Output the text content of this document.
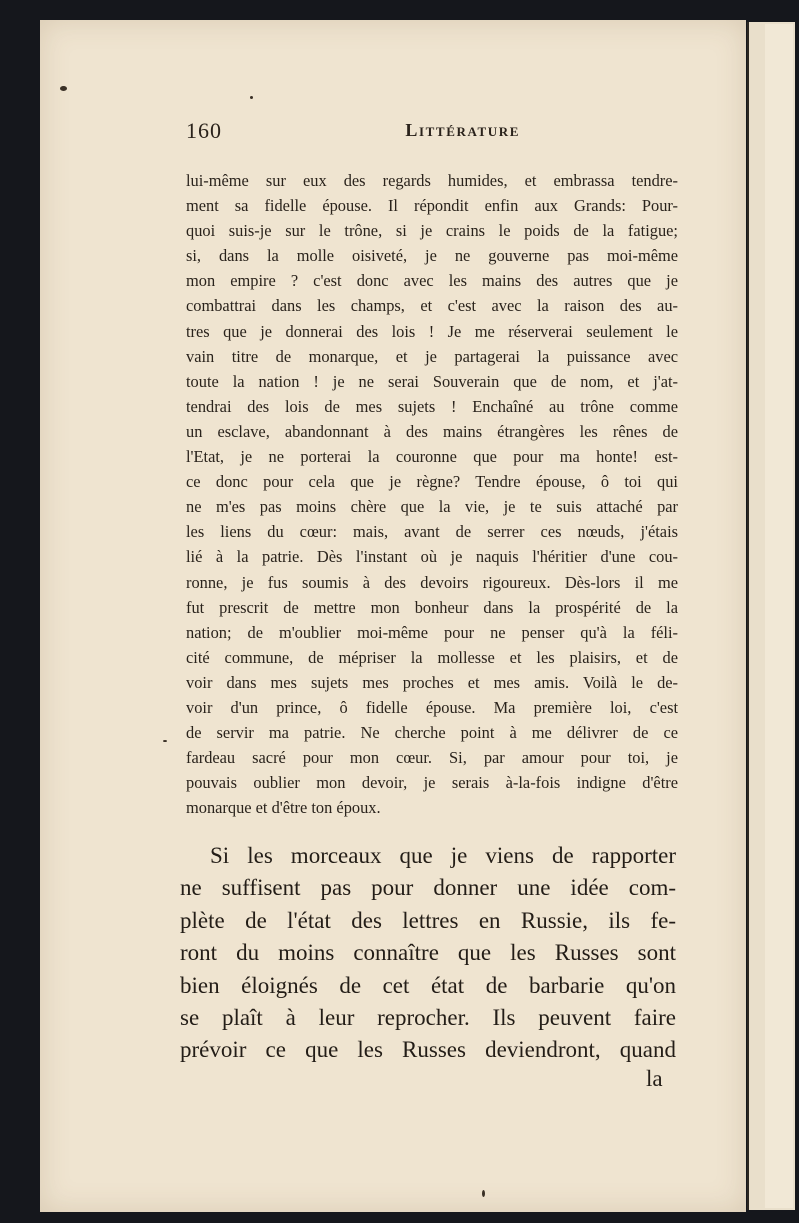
160	Littérature
lui-même sur eux des regards humides, et embrassa tendre-
ment sa fidelle épouse. Il répondit enfin aux Grands: Pour-
quoi suis-je sur le trône, si je crains le poids de la fatigue;
si, dans la molle oisiveté, je ne gouverne pas moi-même
mon empire ? c'est donc avec les mains des autres que je
combattrai dans les champs, et c'est avec la raison des au-
tres que je donnerai des lois ! Je me réserverai seulement le
vain titre de monarque, et je partagerai la puissance avec
toute la nation ! je ne serai Souverain que de nom, et j'at-
tendrai des lois de mes sujets ! Enchaîné au trône comme
un esclave, abandonnant à des mains étrangères les rênes de
l'Etat, je ne porterai la couronne que pour ma honte! est-
ce donc pour cela que je règne? Tendre épouse, ô toi qui
ne m'es pas moins chère que la vie, je te suis attaché par
les liens du cœur: mais, avant de serrer ces nœuds, j'étais
lié à la patrie. Dès l'instant où je naquis l'héritier d'une cou-
ronne, je fus soumis à des devoirs rigoureux. Dès-lors il me
fut prescrit de mettre mon bonheur dans la prospérité de la
nation; de m'oublier moi-même pour ne penser qu'à la féli-
cité commune, de mépriser la mollesse et les plaisirs, et de
voir dans mes sujets mes proches et mes amis. Voilà le de-
voir d'un prince, ô fidelle épouse. Ma première loi, c'est
de servir ma patrie. Ne cherche point à me délivrer de ce
fardeau sacré pour mon cœur. Si, par amour pour toi, je
pouvais oublier mon devoir, je serais à-la-fois indigne d'être
monarque et d'être ton époux.
Si les morceaux que je viens de rapporter
ne suffisent pas pour donner une idée com-
plète de l'état des lettres en Russie, ils fe-
ront du moins connaître que les Russes sont
bien éloignés de cet état de barbarie qu'on
se plaît à leur reprocher. Ils peuvent faire
prévoir ce que les Russes deviendront, quand
la
